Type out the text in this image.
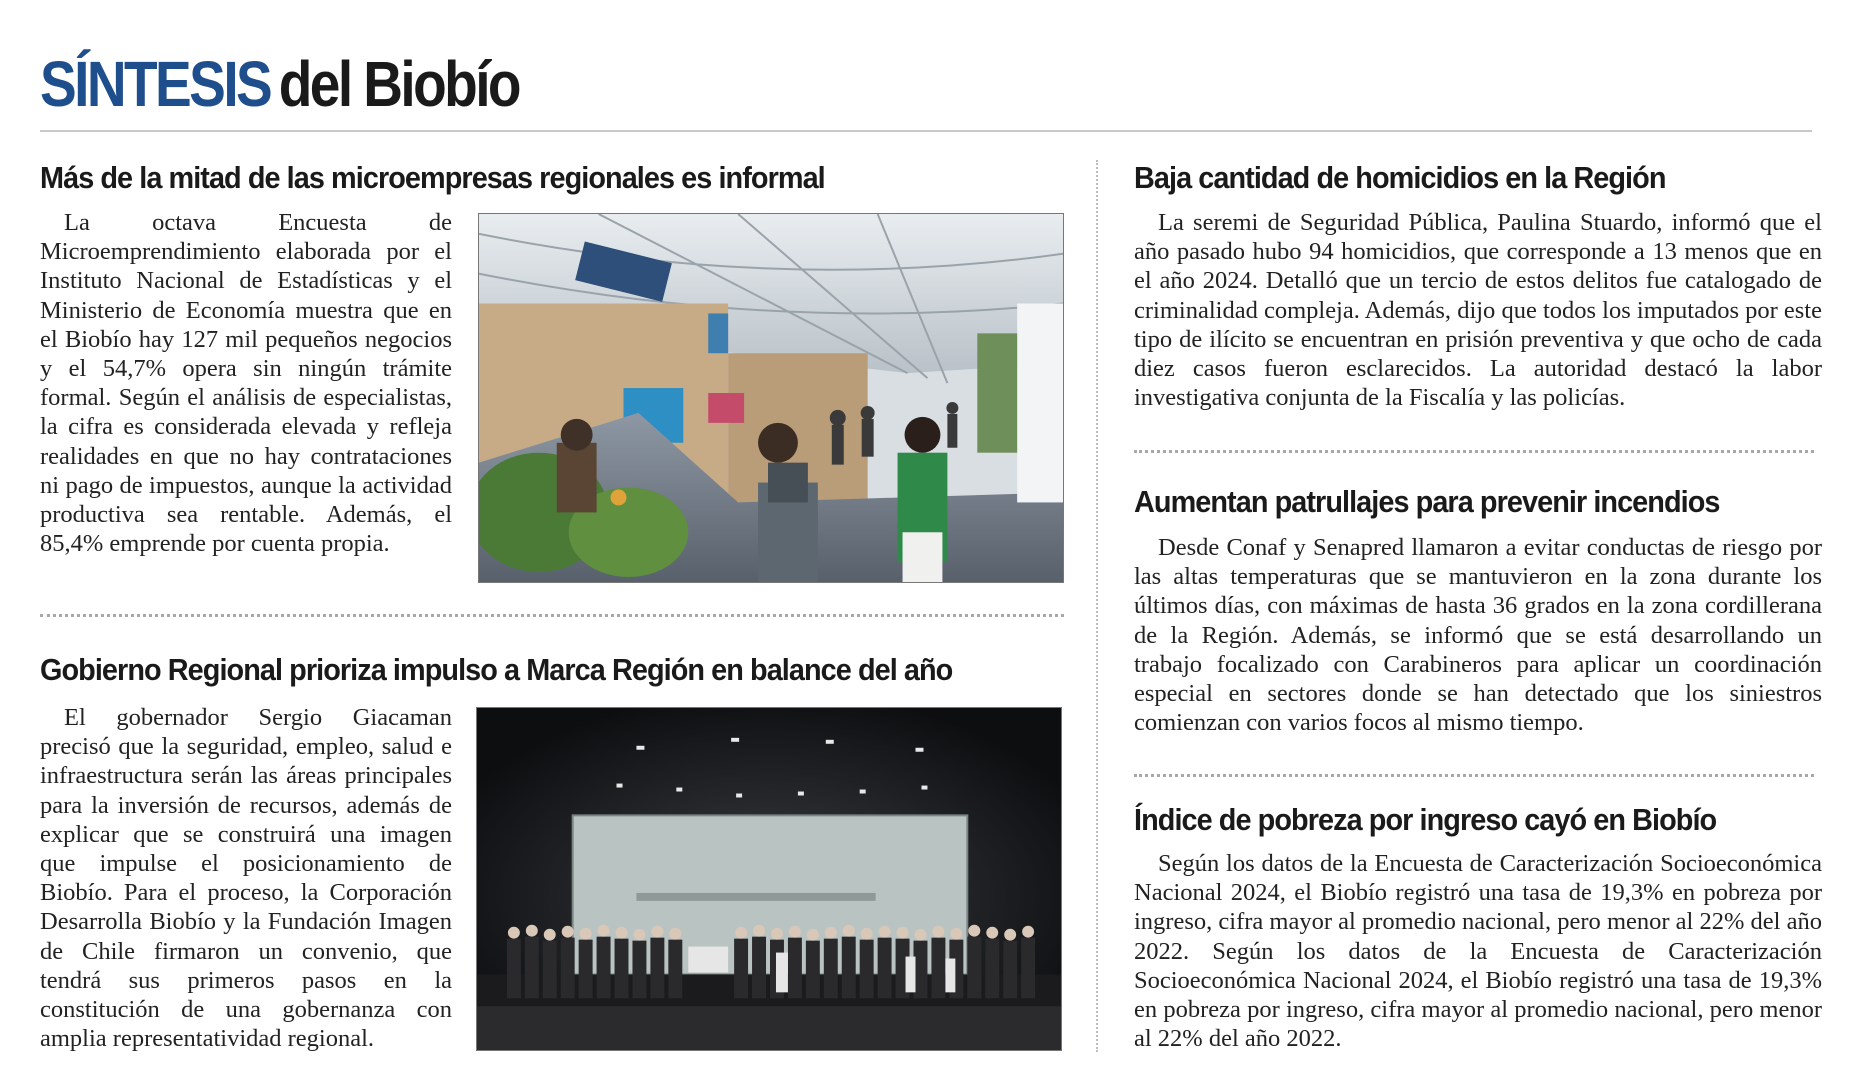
SÍNTESIS del Biobío
Más de la mitad de las microempresas regionales es informal

La octava Encuesta de Microemprendimiento elaborada por el Instituto Nacional de Estadísticas y el Ministerio de Economía muestra que en el Biobío hay 127 mil pequeños negocios y el 54,7% opera sin ningún trámite formal. Según el análisis de especialistas, la cifra es considerada elevada y refleja realidades en que no hay contrataciones ni pago de impuestos, aunque la actividad productiva sea rentable. Además, el 85,4% emprende por cuenta propia.

Gobierno Regional prioriza impulso a Marca Región en balance del año

El gobernador Sergio Giacaman precisó que la seguridad, empleo, salud e infraestructura serán las áreas principales para la inversión de recursos, además de explicar que se construirá una imagen que impulse el posicionamiento de Biobío. Para el proceso, la Corporación Desarrolla Biobío y la Fundación Imagen de Chile firmaron un convenio, que tendrá sus primeros pasos en la constitución de una gobernanza con amplia representatividad regional.

Baja cantidad de homicidios en la Región

La seremi de Seguridad Pública, Paulina Stuardo, informó que el año pasado hubo 94 homicidios, que corresponde a 13 menos que en el año 2024. Detalló que un tercio de estos delitos fue catalogado de criminalidad compleja. Además, dijo que todos los imputados por este tipo de ilícito se encuentran en prisión preventiva y que ocho de cada diez casos fueron esclarecidos. La autoridad destacó la labor investigativa conjunta de la Fiscalía y las policías.

Aumentan patrullajes para prevenir incendios

Desde Conaf y Senapred llamaron a evitar conductas de riesgo por las altas temperaturas que se mantuvieron en la zona durante los últimos días, con máximas de hasta 36 grados en la zona cordillerana de la Región. Además, se informó que se está desarrollando un trabajo focalizado con Carabineros para aplicar un coordinación especial en sectores donde se han detectado que los siniestros comienzan con varios focos al mismo tiempo.

Índice de pobreza por ingreso cayó en Biobío

Según los datos de la Encuesta de Caracterización Socioeconómica Nacional 2024, el Biobío registró una tasa de 19,3% en pobreza por ingreso, cifra mayor al promedio nacional, pero menor al 22% del año 2022. Según los datos de la Encuesta de Caracterización Socioeconómica Nacional 2024, el Biobío registró una tasa de 19,3% en pobreza por ingreso, cifra mayor al promedio nacional, pero menor al 22% del año 2022.
